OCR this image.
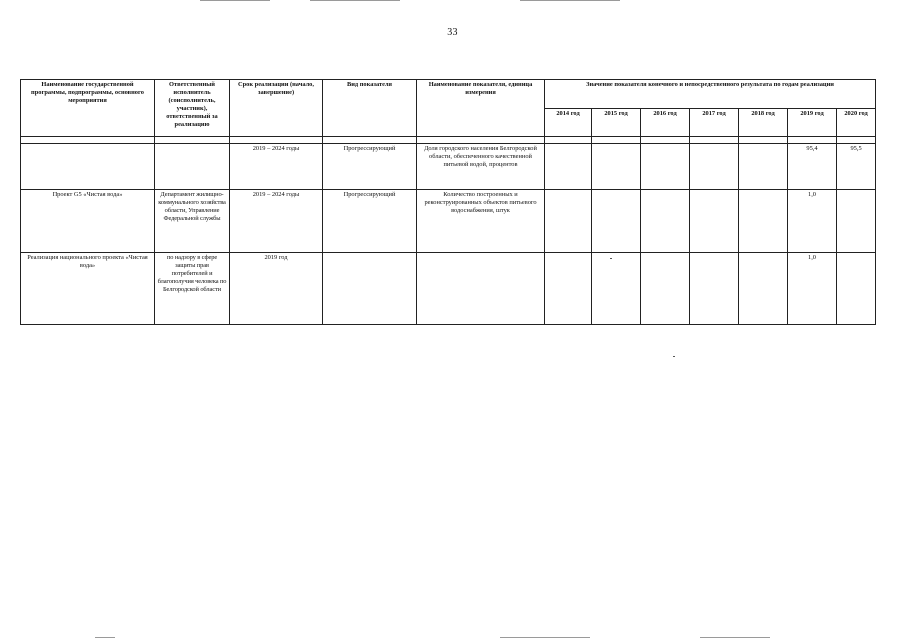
33
Наименование государственной программы, подпрограммы, основного мероприятия	Ответственный исполнитель (соисполнитель, участник), ответственный за реализацию	Срок реализации (начало, завершение)	Вид показателя	Наименование показателя, единица измерения	Значение показателя конечного и непосредственного результата по годам реализации						
					2014 год	2015 год	2016 год	2017 год	2018 год	2019 год	2020 год

		2019 – 2024 годы	Прогрессирующий	Доля городского населения Белгородской области, обеспеченного качественной питьевой водой, процентов						95,4	95,5
Проект G5 «Чистая вода»	Департамент жилищно-коммунального хозяйства области, Управление Федеральной службы	2019 – 2024 годы	Прогрессирующий	Количество построенных и реконструированных объектов питьевого водоснабжения, штук						1,0	
Реализация национального проекта «Чистая вода»	по надзору в сфере защиты прав потребителей и благополучия человека по Белгородской области	2019 год								1,0	
